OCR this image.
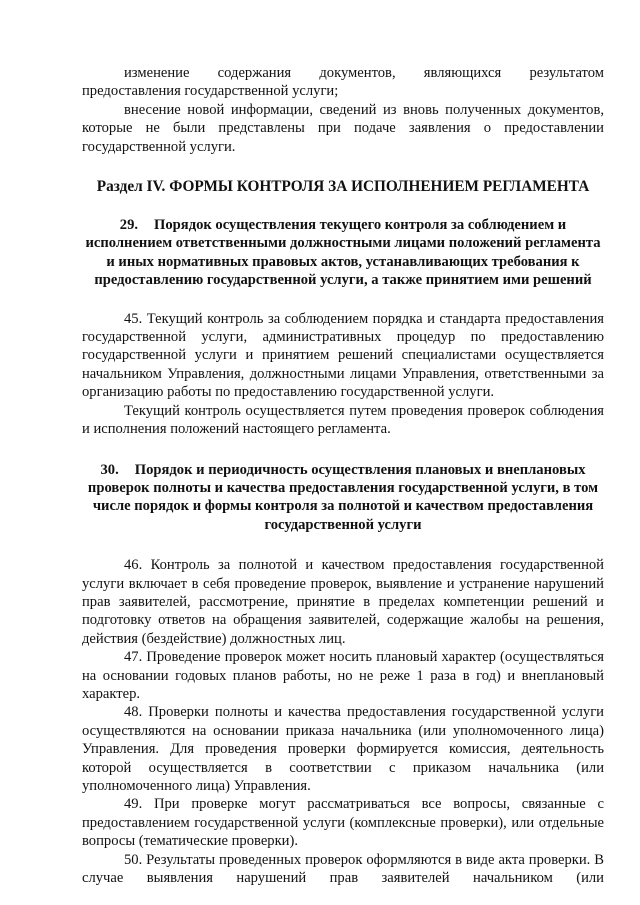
изменение содержания документов, являющихся результатом предоставления государственной услуги;

внесение новой информации, сведений из вновь полученных документов, которые не были представлены при подаче заявления о предоставлении государственной услуги.

Раздел IV. ФОРМЫ КОНТРОЛЯ ЗА ИСПОЛНЕНИЕМ РЕГЛАМЕНТА
29. Порядок осуществления текущего контроля за соблюдением и исполнением ответственными должностными лицами положений регламента и иных нормативных правовых актов, устанавливающих требования к предоставлению государственной услуги, а также принятием ими решений

45. Текущий контроль за соблюдением порядка и стандарта предоставления государственной услуги, административных процедур по предоставлению государственной услуги и принятием решений специалистами осуществляется начальником Управления, должностными лицами Управления, ответственными за организацию работы по предоставлению государственной услуги.

Текущий контроль осуществляется путем проведения проверок соблюдения и исполнения положений настоящего регламента.

30. Порядок и периодичность осуществления плановых и внеплановых проверок полноты и качества предоставления государственной услуги, в том числе порядок и формы контроля за полнотой и качеством предоставления государственной услуги

46. Контроль за полнотой и качеством предоставления государственной услуги включает в себя проведение проверок, выявление и устранение нарушений прав заявителей, рассмотрение, принятие в пределах компетенции решений и подготовку ответов на обращения заявителей, содержащие жалобы на решения, действия (бездействие) должностных лиц.

47. Проведение проверок может носить плановый характер (осуществляться на основании годовых планов работы, но не реже 1 раза в год) и внеплановый характер.

48. Проверки полноты и качества предоставления государственной услуги осуществляются на основании приказа начальника (или уполномоченного лица) Управления. Для проведения проверки формируется комиссия, деятельность которой осуществляется в соответствии с приказом начальника (или уполномоченного лица) Управления.

49. При проверке могут рассматриваться все вопросы, связанные с предоставлением государственной услуги (комплексные проверки), или отдельные вопросы (тематические проверки).

50. Результаты проведенных проверок оформляются в виде акта проверки. В случае выявления нарушений прав заявителей начальником (или
